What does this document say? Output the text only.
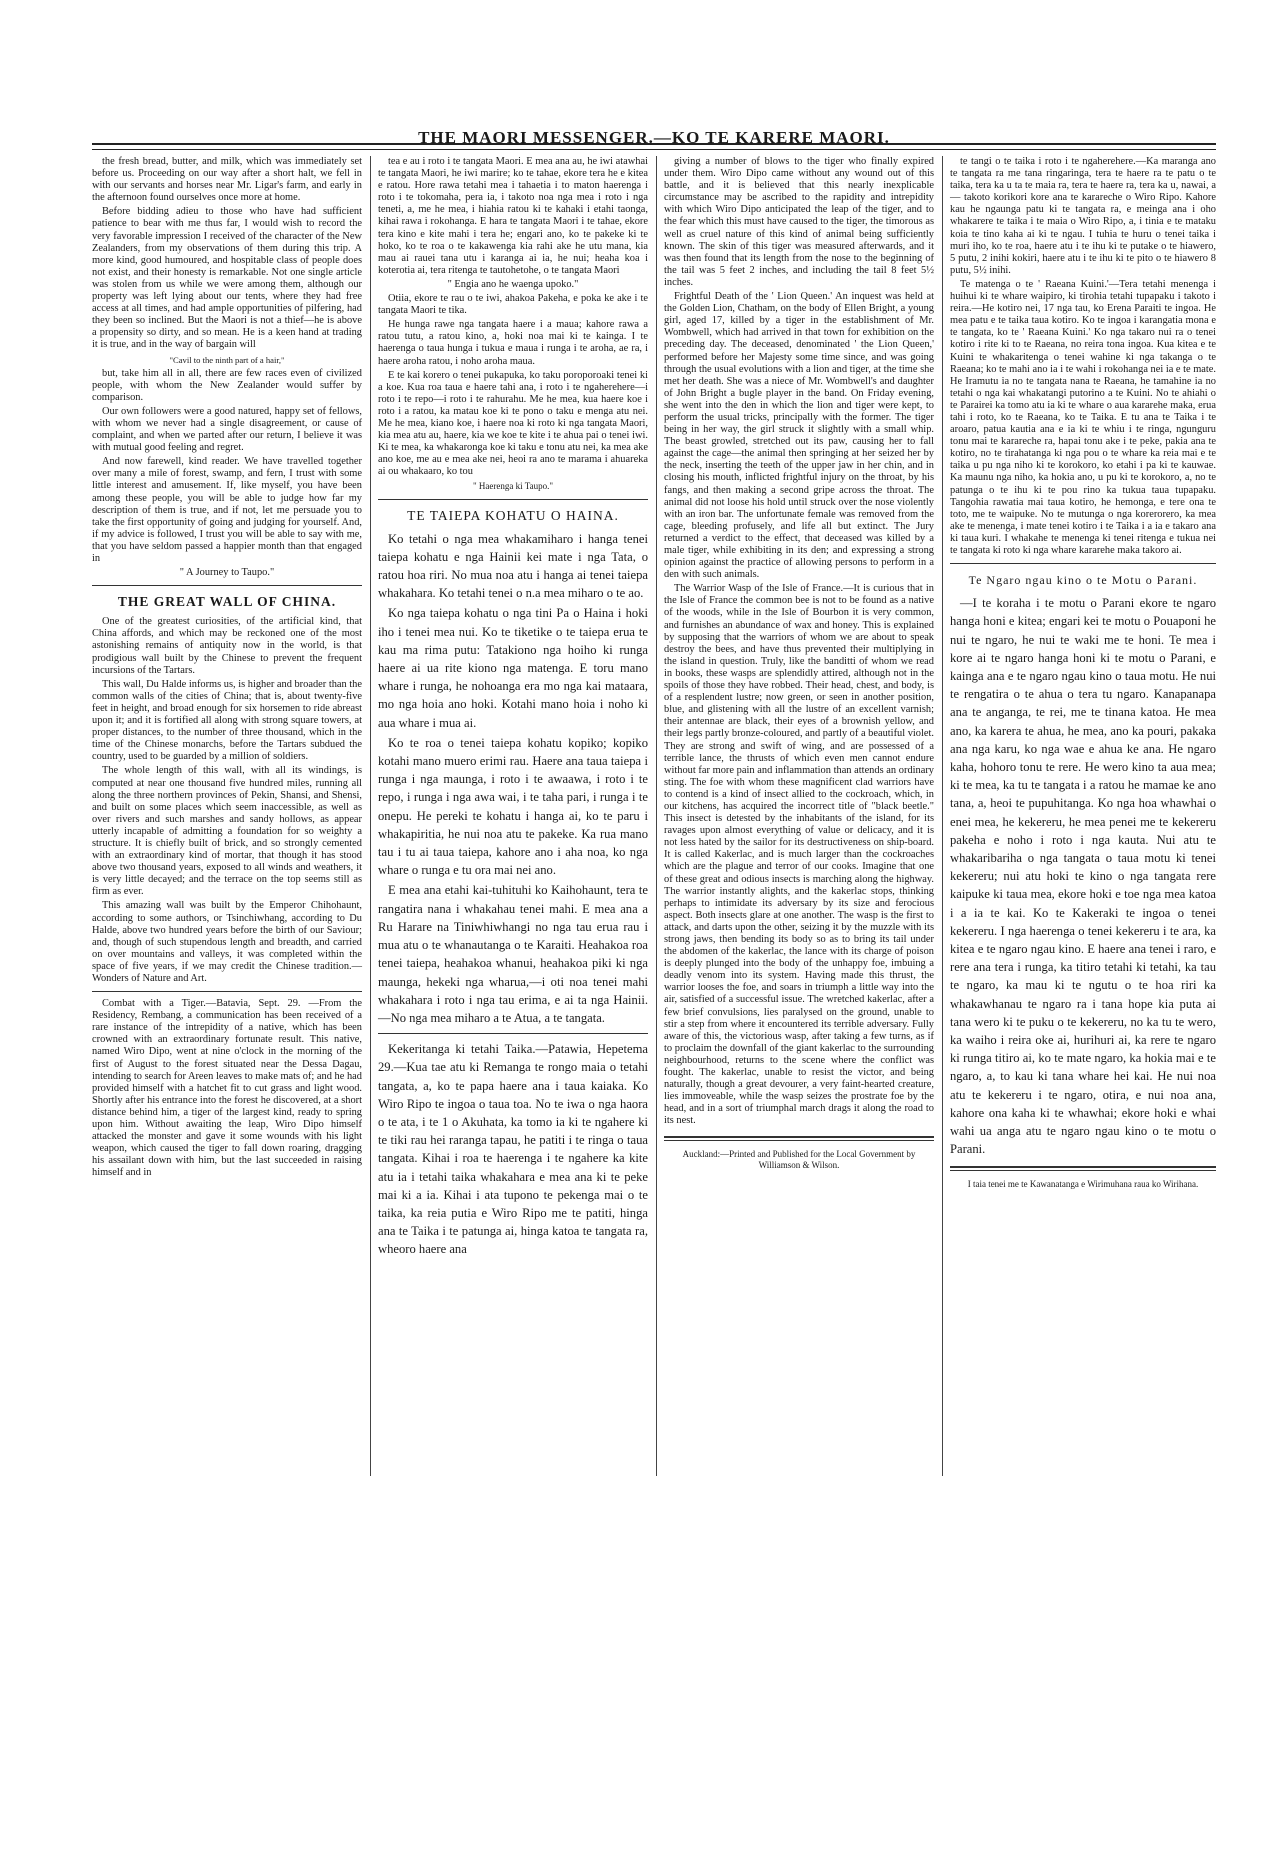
THE MAORI MESSENGER.—KO TE KARERE MAORI.

the fresh bread, butter, and milk, which was immediately set before us. Proceeding on our way after a short halt, we fell in with our servants and horses near Mr. Ligar's farm, and early in the afternoon found ourselves once more at home.

Before bidding adieu to those who have had sufficient patience to bear with me thus far, I would wish to record the very favorable impression I received of the character of the New Zealanders, from my observations of them during this trip. A more kind, good humoured, and hospitable class of people does not exist, and their honesty is remarkable. Not one single article was stolen from us while we were among them, although our property was left lying about our tents, where they had free access at all times, and had ample opportunities of pilfering, had they been so inclined. But the Maori is not a thief—he is above a propensity so dirty, and so mean. He is a keen hand at trading it is true, and in the way of bargain will

"Cavil to the ninth part of a hair,"

but, take him all in all, there are few races even of civilized people, with whom the New Zealander would suffer by comparison.

Our own followers were a good natured, happy set of fellows, with whom we never had a single disagreement, or cause of complaint, and when we parted after our return, I believe it was with mutual good feeling and regret.

And now farewell, kind reader. We have travelled together over many a mile of forest, swamp, and fern, I trust with some little interest and amusement. If, like myself, you have been among these people, you will be able to judge how far my description of them is true, and if not, let me persuade you to take the first opportunity of going and judging for yourself. And, if my advice is followed, I trust you will be able to say with me, that you have seldom passed a happier month than that engaged in

" A Journey to Taupo."

THE GREAT WALL OF CHINA.

One of the greatest curiosities, of the artificial kind, that China affords, and which may be reckoned one of the most astonishing remains of antiquity now in the world, is that prodigious wall built by the Chinese to prevent the frequent incursions of the Tartars.

This wall, Du Halde informs us, is higher and broader than the common walls of the cities of China; that is, about twenty-five feet in height, and broad enough for six horsemen to ride abreast upon it; and it is fortified all along with strong square towers, at proper distances, to the number of three thousand, which in the time of the Chinese monarchs, before the Tartars subdued the country, used to be guarded by a million of soldiers.

The whole length of this wall, with all its windings, is computed at near one thousand five hundred miles, running all along the three northern provinces of Pekin, Shansi, and Shensi, and built on some places which seem inaccessible, as well as over rivers and such marshes and sandy hollows, as appear utterly incapable of admitting a foundation for so weighty a structure. It is chiefly built of brick, and so strongly cemented with an extraordinary kind of mortar, that though it has stood above two thousand years, exposed to all winds and weathers, it is very little decayed; and the terrace on the top seems still as firm as ever.

This amazing wall was built by the Emperor Chihohaunt, according to some authors, or Tsinchiwhang, according to Du Halde, above two hundred years before the birth of our Saviour; and, though of such stupendous length and breadth, and carried on over mountains and valleys, it was completed within the space of five years, if we may credit the Chinese tradition.— Wonders of Nature and Art.

Combat with a Tiger.—Batavia, Sept. 29. —From the Residency, Rembang, a communication has been received of a rare instance of the intrepidity of a native, which has been crowned with an extraordinary fortunate result. This native, named Wiro Dipo, went at nine o'clock in the morning of the first of August to the forest situated near the Dessa Dagau, intending to search for Areen leaves to make mats of; and he had provided himself with a hatchet fit to cut grass and light wood. Shortly after his entrance into the forest he discovered, at a short distance behind him, a tiger of the largest kind, ready to spring upon him. Without awaiting the leap, Wiro Dipo himself attacked the monster and gave it some wounds with his light weapon, which caused the tiger to fall down roaring, dragging his assailant down with him, but the last succeeded in raising himself and in

tea e au i roto i te tangata Maori. E mea ana au, he iwi atawhai te tangata Maori, he iwi marire; ko te tahae, ekore tera he e kitea e ratou. Hore rawa tetahi mea i tahaetia i to maton haerenga i roto i te tokomaha, pera ia, i takoto noa nga mea i roto i nga teneti, a, me he mea, i hiahia ratou ki te kahaki i etahi taonga, kihai rawa i rokohanga. E hara te tangata Maori i te tahae, ekore tera kino e kite mahi i tera he; engari ano, ko te pakeke ki te hoko, ko te roa o te kakawenga kia rahi ake he utu mana, kia mau ai rauei tana utu i karanga ai ia, he nui; heaha koa i koterotia ai, tera ritenga te tautohetohe, o te tangata Maori

" Engia ano he waenga upoko."

Otiia, ekore te rau o te iwi, ahakoa Pakeha, e poka ke ake i te tangata Maori te tika.

He hunga rawe nga tangata haere i a maua; kahore rawa a ratou tutu, a ratou kino, a, hoki noa mai ki te kainga. I te haerenga o taua hunga i tukua e maua i runga i te aroha, ae ra, i haere aroha ratou, i noho aroha maua.

E te kai korero o tenei pukapuka, ko taku poroporoaki tenei ki a koe. Kua roa taua e haere tahi ana, i roto i te ngaherehere—i roto i te repo—i roto i te rahurahu. Me he mea, kua haere koe i roto i a ratou, ka matau koe ki te pono o taku e menga atu nei. Me he mea, kiano koe, i haere noa ki roto ki nga tangata Maori, kia mea atu au, haere, kia we koe te kite i te ahua pai o tenei iwi. Ki te mea, ka whakaronga koe ki taku e tonu atu nei, ka mea ake ano koe, me au e mea ake nei, heoi ra ano te marama i ahuareka ai ou whakaaro, ko tou

" Haerenga ki Taupo."

TE TAIEPA KOHATU O HAINA.

Ko tetahi o nga mea whakamiharo i hanga tenei taiepa kohatu e nga Hainii kei mate i nga Tata, o ratou hoa riri. No mua noa atu i hanga ai tenei taiepa whakahara. Ko tetahi tenei o n.a mea miharo o te ao.

Ko nga taiepa kohatu o nga tini Pa o Haina i hoki iho i tenei mea nui. Ko te tiketike o te taiepa erua te kau ma rima putu: Tatakiono nga hoiho ki runga haere ai ua rite kiono nga matenga. E toru mano whare i runga, he nohoanga era mo nga kai mataara, mo nga hoia ano hoki. Kotahi mano hoia i noho ki aua whare i mua ai.

Ko te roa o tenei taiepa kohatu kopiko; kopiko kotahi mano muero erimi rau. Haere ana taua taiepa i runga i nga maunga, i roto i te awaawa, i roto i te repo, i runga i nga awa wai, i te taha pari, i runga i te onepu. He pereki te kohatu i hanga ai, ko te paru i whakapiritia, he nui noa atu te pakeke. Ka rua mano tau i tu ai taua taiepa, kahore ano i aha noa, ko nga whare o runga e tu ora mai nei ano.

E mea ana etahi kai-tuhituhi ko Kaihohaunt, tera te rangatira nana i whakahau tenei mahi. E mea ana a Ru Harare na Tiniwhiwhangi no nga tau erua rau i mua atu o te whanautanga o te Karaiti. Heahakoa roa tenei taiepa, heahakoa whanui, heahakoa piki ki nga maunga, hekeki nga wharua,—i oti noa tenei mahi whakahara i roto i nga tau erima, e ai ta nga Hainii.—No nga mea miharo a te Atua, a te tangata.

Kekeritanga ki tetahi Taika.—Patawia, Hepetema 29.—Kua tae atu ki Remanga te rongo maia o tetahi tangata, a, ko te papa haere ana i taua kaiaka. Ko Wiro Ripo te ingoa o taua toa. No te iwa o nga haora o te ata, i te 1 o Akuhata, ka tomo ia ki te ngahere ki te tiki rau hei raranga tapau, he patiti i te ringa o taua tangata. Kihai i roa te haerenga i te ngahere ka kite atu ia i tetahi taika whakahara e mea ana ki te peke mai ki a ia. Kihai i ata tupono te pekenga mai o te taika, ka reia putia e Wiro Ripo me te patiti, hinga ana te Taika i te patunga ai, hinga katoa te tangata ra, wheoro haere ana

giving a number of blows to the tiger who finally expired under them. Wiro Dipo came without any wound out of this battle, and it is believed that this nearly inexplicable circumstance may be ascribed to the rapidity and intrepidity with which Wiro Dipo anticipated the leap of the tiger, and to the fear which this must have caused to the tiger, the timorous as well as cruel nature of this kind of animal being sufficiently known. The skin of this tiger was measured afterwards, and it was then found that its length from the nose to the beginning of the tail was 5 feet 2 inches, and including the tail 8 feet 5½ inches.

Frightful Death of the ' Lion Queen.' An inquest was held at the Golden Lion, Chatham, on the body of Ellen Bright, a young girl, aged 17, killed by a tiger in the establishment of Mr. Wombwell, which had arrived in that town for exhibition on the preceding day. The deceased, denominated ' the Lion Queen,' performed before her Majesty some time since, and was going through the usual evolutions with a lion and tiger, at the time she met her death. She was a niece of Mr. Wombwell's and daughter of John Bright a bugle player in the band. On Friday evening, she went into the den in which the lion and tiger were kept, to perform the usual tricks, principally with the former. The tiger being in her way, the girl struck it slightly with a small whip. The beast growled, stretched out its paw, causing her to fall against the cage—the animal then springing at her seized her by the neck, inserting the teeth of the upper jaw in her chin, and in closing his mouth, inflicted frightful injury on the throat, by his fangs, and then making a second gripe across the throat. The animal did not loose his hold until struck over the nose violently with an iron bar. The unfortunate female was removed from the cage, bleeding profusely, and life all but extinct. The Jury returned a verdict to the effect, that deceased was killed by a male tiger, while exhibiting in its den; and expressing a strong opinion against the practice of allowing persons to perform in a den with such animals.

The Warrior Wasp of the Isle of France.—It is curious that in the Isle of France the common bee is not to be found as a native of the woods, while in the Isle of Bourbon it is very common, and furnishes an abundance of wax and honey. This is explained by supposing that the warriors of whom we are about to speak destroy the bees, and have thus prevented their multiplying in the island in question. Truly, like the banditti of whom we read in books, these wasps are splendidly attired, although not in the spoils of those they have robbed. Their head, chest, and body, is of a resplendent lustre; now green, or seen in another position, blue, and glistening with all the lustre of an excellent varnish; their antennae are black, their eyes of a brownish yellow, and their legs partly bronze-coloured, and partly of a beautiful violet. They are strong and swift of wing, and are possessed of a terrible lance, the thrusts of which even men cannot endure without far more pain and inflammation than attends an ordinary sting. The foe with whom these magnificent clad warriors have to contend is a kind of insect allied to the cockroach, which, in our kitchens, has acquired the incorrect title of "black beetle." This insect is detested by the inhabitants of the island, for its ravages upon almost everything of value or delicacy, and it is not less hated by the sailor for its destructiveness on ship-board. It is called Kakerlac, and is much larger than the cockroaches which are the plague and terror of our cooks. Imagine that one of these great and odious insects is marching along the highway. The warrior instantly alights, and the kakerlac stops, thinking perhaps to intimidate its adversary by its size and ferocious aspect. Both insects glare at one another. The wasp is the first to attack, and darts upon the other, seizing it by the muzzle with its strong jaws, then bending its body so as to bring its tail under the abdomen of the kakerlac, the lance with its charge of poison is deeply plunged into the body of the unhappy foe, imbuing a deadly venom into its system. Having made this thrust, the warrior looses the foe, and soars in triumph a little way into the air, satisfied of a successful issue. The wretched kakerlac, after a few brief convulsions, lies paralysed on the ground, unable to stir a step from where it encountered its terrible adversary. Fully aware of this, the victorious wasp, after taking a few turns, as if to proclaim the downfall of the giant kakerlac to the surrounding neighbourhood, returns to the scene where the conflict was fought. The kakerlac, unable to resist the victor, and being naturally, though a great devourer, a very faint-hearted creature, lies immoveable, while the wasp seizes the prostrate foe by the head, and in a sort of triumphal march drags it along the road to its nest.

Auckland:—Printed and Published for the Local Government by Williamson & Wilson.

te tangi o te taika i roto i te ngaherehere.—Ka maranga ano te tangata ra me tana ringaringa, tera te haere ra te patu o te taika, tera ka u ta te maia ra, tera te haere ra, tera ka u, nawai, a— takoto korikori kore ana te karareche o Wiro Ripo. Kahore kau he ngaunga patu ki te tangata ra, e meinga ana i oho whakarere te taika i te maia o Wiro Ripo, a, i tinia e te mataku koia te tino kaha ai ki te ngau. I tuhia te huru o tenei taika i muri iho, ko te roa, haere atu i te ihu ki te putake o te hiawero, 5 putu, 2 inihi kokiri, haere atu i te ihu ki te pito o te hiawero 8 putu, 5½ inihi.

Te matenga o te ' Raeana Kuini.'—Tera tetahi menenga i huihui ki te whare waipiro, ki tirohia tetahi tupapaku i takoto i reira.—He kotiro nei, 17 nga tau, ko Erena Paraiti te ingoa. He mea patu e te taika taua kotiro. Ko te ingoa i karangatia mona e te tangata, ko te ' Raeana Kuini.' Ko nga takaro nui ra o tenei kotiro i rite ki to te Raeana, no reira tona ingoa. Kua kitea e te Kuini te whakaritenga o tenei wahine ki nga takanga o te Raeana; ko te mahi ano ia i te wahi i rokohanga nei ia e te mate. He Iramutu ia no te tangata nana te Raeana, he tamahine ia no tetahi o nga kai whakatangi putorino a te Kuini. No te ahiahi o te Parairei ka tomo atu ia ki te whare o aua kararehe maka, erua tahi i roto, ko te Raeana, ko te Taika. E tu ana te Taika i te aroaro, patua kautia ana e ia ki te whiu i te ringa, ngunguru tonu mai te karareche ra, hapai tonu ake i te peke, pakia ana te kotiro, no te tirahatanga ki nga pou o te whare ka reia mai e te taika u pu nga niho ki te korokoro, ko etahi i pa ki te kauwae. Ka maunu nga niho, ka hokia ano, u pu ki te korokoro, a, no te patunga o te ihu ki te pou rino ka tukua taua tupapaku. Tangohia rawatia mai taua kotiro, he hemonga, e tere ona te toto, me te waipuke. No te mutunga o nga korerorero, ka mea ake te menenga, i mate tenei kotiro i te Taika i a ia e takaro ana ki taua kuri. I whakahe te menenga ki tenei ritenga e tukua nei te tangata ki roto ki nga whare kararehe maka takoro ai.

Te Ngaro ngau kino o te Motu o Parani.

—I te koraha i te motu o Parani ekore te ngaro hanga honi e kitea; engari kei te motu o Pouaponi he nui te ngaro, he nui te waki me te honi. Te mea i kore ai te ngaro hanga honi ki te motu o Parani, e kainga ana e te ngaro ngau kino o taua motu. He nui te rengatira o te ahua o tera tu ngaro. Kanapanapa ana te anganga, te rei, me te tinana katoa. He mea ano, ka karera te ahua, he mea, ano ka pouri, pakaka ana nga karu, ko nga wae e ahua ke ana. He ngaro kaha, hohoro tonu te rere. He wero kino ta aua mea; ki te mea, ka tu te tangata i a ratou he mamae ke ano tana, a, heoi te pupuhitanga. Ko nga hoa whawhai o enei mea, he kekereru, he mea penei me te kekereru pakeha e noho i roto i nga kauta. Nui atu te whakaribariha o nga tangata o taua motu ki tenei kekereru; nui atu hoki te kino o nga tangata rere kaipuke ki taua mea, ekore hoki e toe nga mea katoa i a ia te kai. Ko te Kakeraki te ingoa o tenei kekereru. I nga haerenga o tenei kekereru i te ara, ka kitea e te ngaro ngau kino. E haere ana tenei i raro, e rere ana tera i runga, ka titiro tetahi ki tetahi, ka tau te ngaro, ka mau ki te ngutu o te hoa riri ka whakawhanau te ngaro ra i tana hope kia puta ai tana wero ki te puku o te kekereru, no ka tu te wero, ka waiho i reira oke ai, hurihuri ai, ka rere te ngaro ki runga titiro ai, ko te mate ngaro, ka hokia mai e te ngaro, a, to kau ki tana whare hei kai. He nui noa atu te kekereru i te ngaro, otira, e nui noa ana, kahore ona kaha ki te whawhai; ekore hoki e whai wahi ua anga atu te ngaro ngau kino o te motu o Parani.

I taia tenei me te Kawanatanga e Wirimuhana raua ko Wirihana.
